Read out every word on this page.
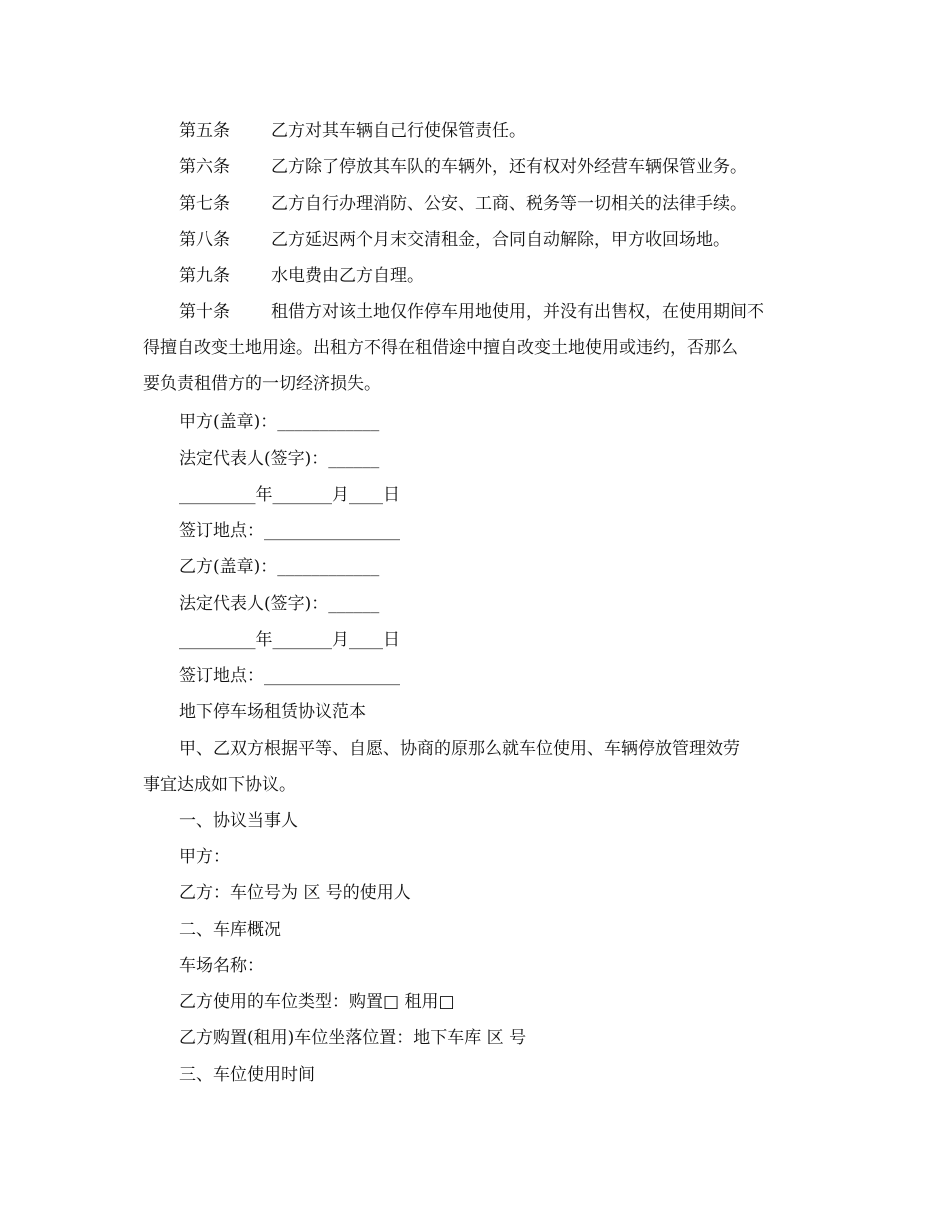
第五条 乙方对其车辆自己行使保管责任。
第六条 乙方除了停放其车队的车辆外，还有权对外经营车辆保管业务。
第七条 乙方自行办理消防、公安、工商、税务等一切相关的法律手续。
第八条 乙方延迟两个月末交清租金，合同自动解除，甲方收回场地。
第九条 水电费由乙方自理。
第十条 租借方对该土地仅作停车用地使用，并没有出售权，在使用期间不
得擅自改变土地用途。出租方不得在租借途中擅自改变土地使用或违约，否那么
要负责租借方的一切经济损失。
甲方(盖章)：____________
法定代表人(签字)：______
_________年_______月____日
签订地点：________________
乙方(盖章)：____________
法定代表人(签字)：______
_________年_______月____日
签订地点：________________
地下停车场租赁协议范本
甲、乙双方根据平等、自愿、协商的原那么就车位使用、车辆停放管理效劳
事宜达成如下协议。
一、协议当事人
甲方：
乙方：车位号为 区 号的使用人
二、车库概况
车场名称：
乙方使用的车位类型：购置□ 租用□
乙方购置(租用)车位坐落位置：地下车库 区 号
三、车位使用时间
